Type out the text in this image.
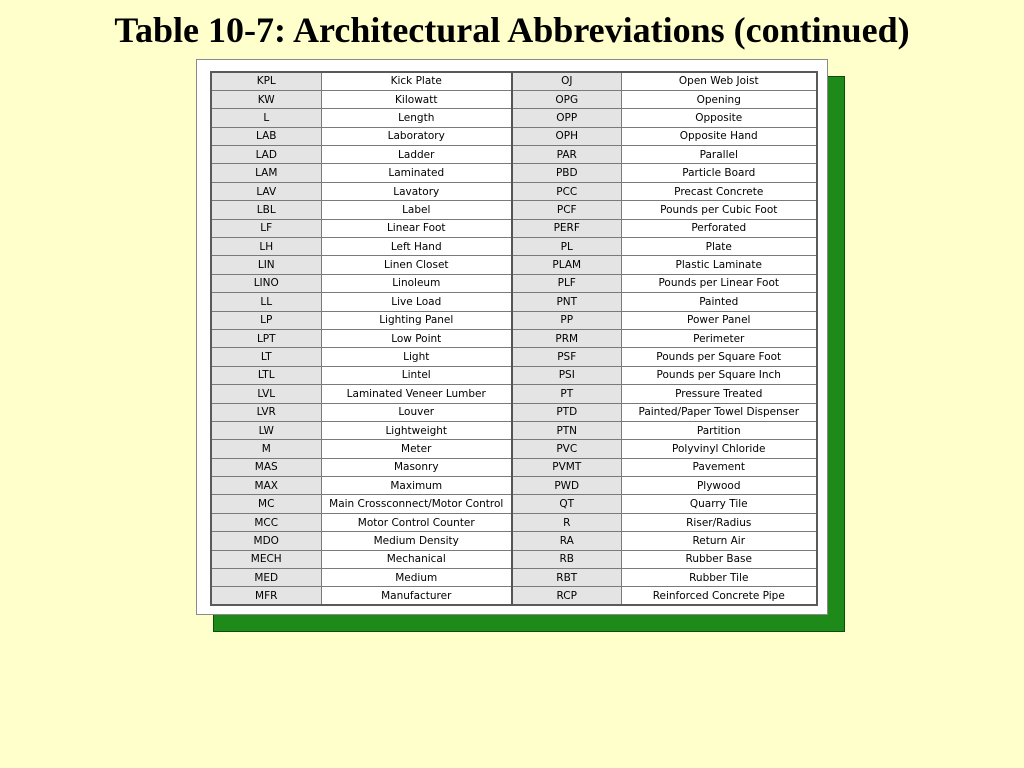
Table 10-7: Architectural Abbreviations (continued)
KPL	Kick Plate	OJ	Open Web Joist
KW	Kilowatt	OPG	Opening
L	Length	OPP	Opposite
LAB	Laboratory	OPH	Opposite Hand
LAD	Ladder	PAR	Parallel
LAM	Laminated	PBD	Particle Board
LAV	Lavatory	PCC	Precast Concrete
LBL	Label	PCF	Pounds per Cubic Foot
LF	Linear Foot	PERF	Perforated
LH	Left Hand	PL	Plate
LIN	Linen Closet	PLAM	Plastic Laminate
LINO	Linoleum	PLF	Pounds per Linear Foot
LL	Live Load	PNT	Painted
LP	Lighting Panel	PP	Power Panel
LPT	Low Point	PRM	Perimeter
LT	Light	PSF	Pounds per Square Foot
LTL	Lintel	PSI	Pounds per Square Inch
LVL	Laminated Veneer Lumber	PT	Pressure Treated
LVR	Louver	PTD	Painted/Paper Towel Dispenser
LW	Lightweight	PTN	Partition
M	Meter	PVC	Polyvinyl Chloride
MAS	Masonry	PVMT	Pavement
MAX	Maximum	PWD	Plywood
MC	Main Crossconnect/Motor Control	QT	Quarry Tile
MCC	Motor Control Counter	R	Riser/Radius
MDO	Medium Density	RA	Return Air
MECH	Mechanical	RB	Rubber Base
MED	Medium	RBT	Rubber Tile
MFR	Manufacturer	RCP	Reinforced Concrete Pipe
